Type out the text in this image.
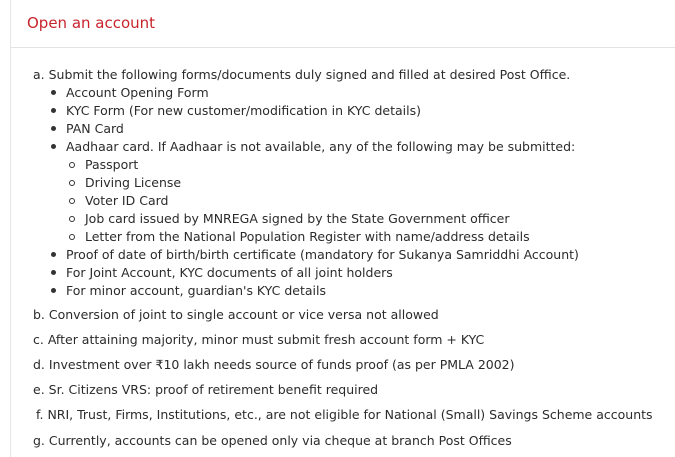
Open an account
a. Submit the following forms/documents duly signed and filled at desired Post Office.
Account Opening Form
KYC Form (For new customer/modification in KYC details)
PAN Card
Aadhaar card. If Aadhaar is not available, any of the following may be submitted:
Passport
Driving License
Voter ID Card
Job card issued by MNREGA signed by the State Government officer
Letter from the National Population Register with name/address details
Proof of date of birth/birth certificate (mandatory for Sukanya Samriddhi Account)
For Joint Account, KYC documents of all joint holders
For minor account, guardian's KYC details
b. Conversion of joint to single account or vice versa not allowed
c. After attaining majority, minor must submit fresh account form + KYC
d. Investment over ₹10 lakh needs source of funds proof (as per PMLA 2002)
e. Sr. Citizens VRS: proof of retirement benefit required
f. NRI, Trust, Firms, Institutions, etc., are not eligible for National (Small) Savings Scheme accounts
g. Currently, accounts can be opened only via cheque at branch Post Offices
